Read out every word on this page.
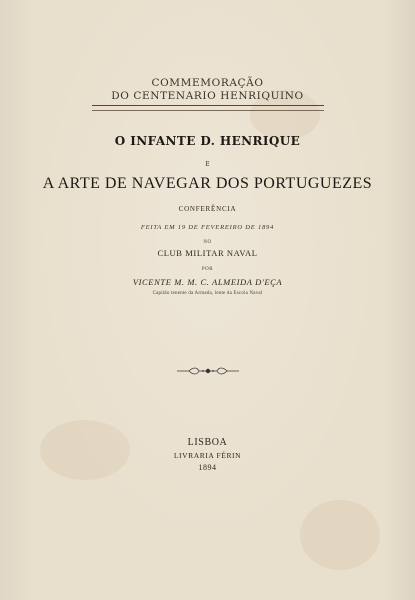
COMMEMORAÇÃO
DO CENTENARIO HENRIQUINO
O INFANTE D. HENRIQUE
E
A ARTE DE NAVEGAR DOS PORTUGUEZES
CONFERÊNCIA
FEITA EM 19 DE FEVEREIRO DE 1894
NO
CLUB MILITAR NAVAL
POR
VICENTE M. M. C. ALMEIDA D'EÇA
Capitão tenente da Armada, lente da Escola Naval
LISBOA
LIVRARIA FÉRIN
1894
